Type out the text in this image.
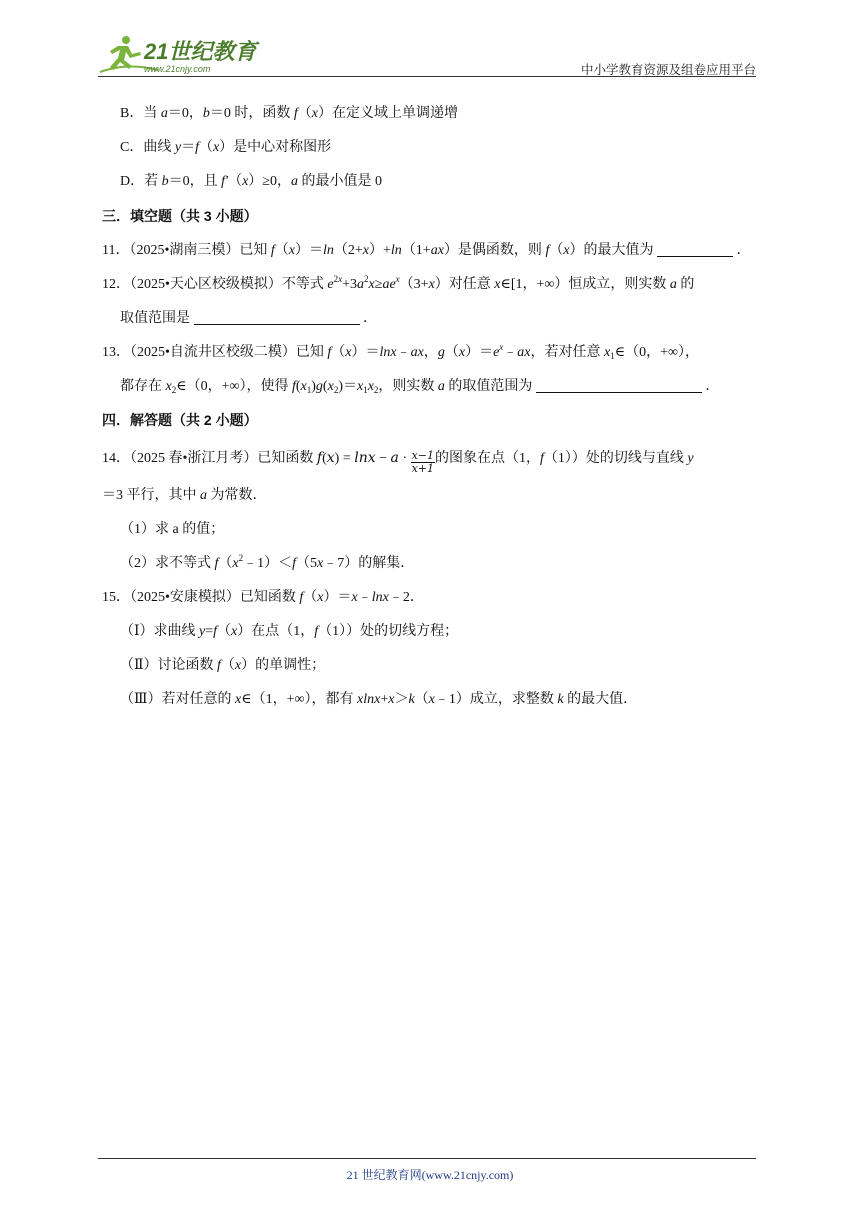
21世纪教育
www.21cnjy.com	中小学教育资源及组卷应用平台
B．当 a＝0，b＝0 时，函数 f（x）在定义域上单调递增
C．曲线 y＝f（x）是中心对称图形
D．若 b＝0，且 f′（x）≥0，a 的最小值是 0
三．填空题（共 3 小题）
11．（2025•湖南三模）已知 f（x）＝ln（2+x）+ln（1+ax）是偶函数，则 f（x）的最大值为	．
12．（2025•天心区校级模拟）不等式 $e^{2x}+3a^2x\ge ae^x(3+x)$对任意 x∈[1，+∞）恒成立，则实数 a 的
取值范围是	．
13．（2025•自流井区校级二模）已知 f（x）＝lnx﹣ax，$g(x)=e^x﹣ax$，若对任意 $x_1\in(0$，+∞），
都存在 $x_2\in(0$，+∞），使得 $f(x_1)g(x_2)=x_1x_2$，则实数 a 的取值范围为	．
四．解答题（共 2 小题）
14．（2025 春•浙江月考）已知函数 $f(x) = \ln x - a \cdot \frac{x-1}{x+1}$ 的图象在点（1，f（1））处的切线与直线 y
＝3 平行，其中 a 为常数．
（1）求 a 的值；
（2）求不等式 $f(x^2﹣1)<f(5x﹣7)$的解集．
15．（2025•安康模拟）已知函数 f（x）＝x﹣lnx﹣2．
（Ⅰ）求曲线 y=f（x）在点（1，f（1））处的切线方程；
（Ⅱ）讨论函数 f（x）的单调性；
（Ⅲ）若对任意的 x∈（1，+∞），都有 xlnx+x＞k（x﹣1）成立，求整数 k 的最大值．
21 世纪教育网(www.21cnjy.com)
